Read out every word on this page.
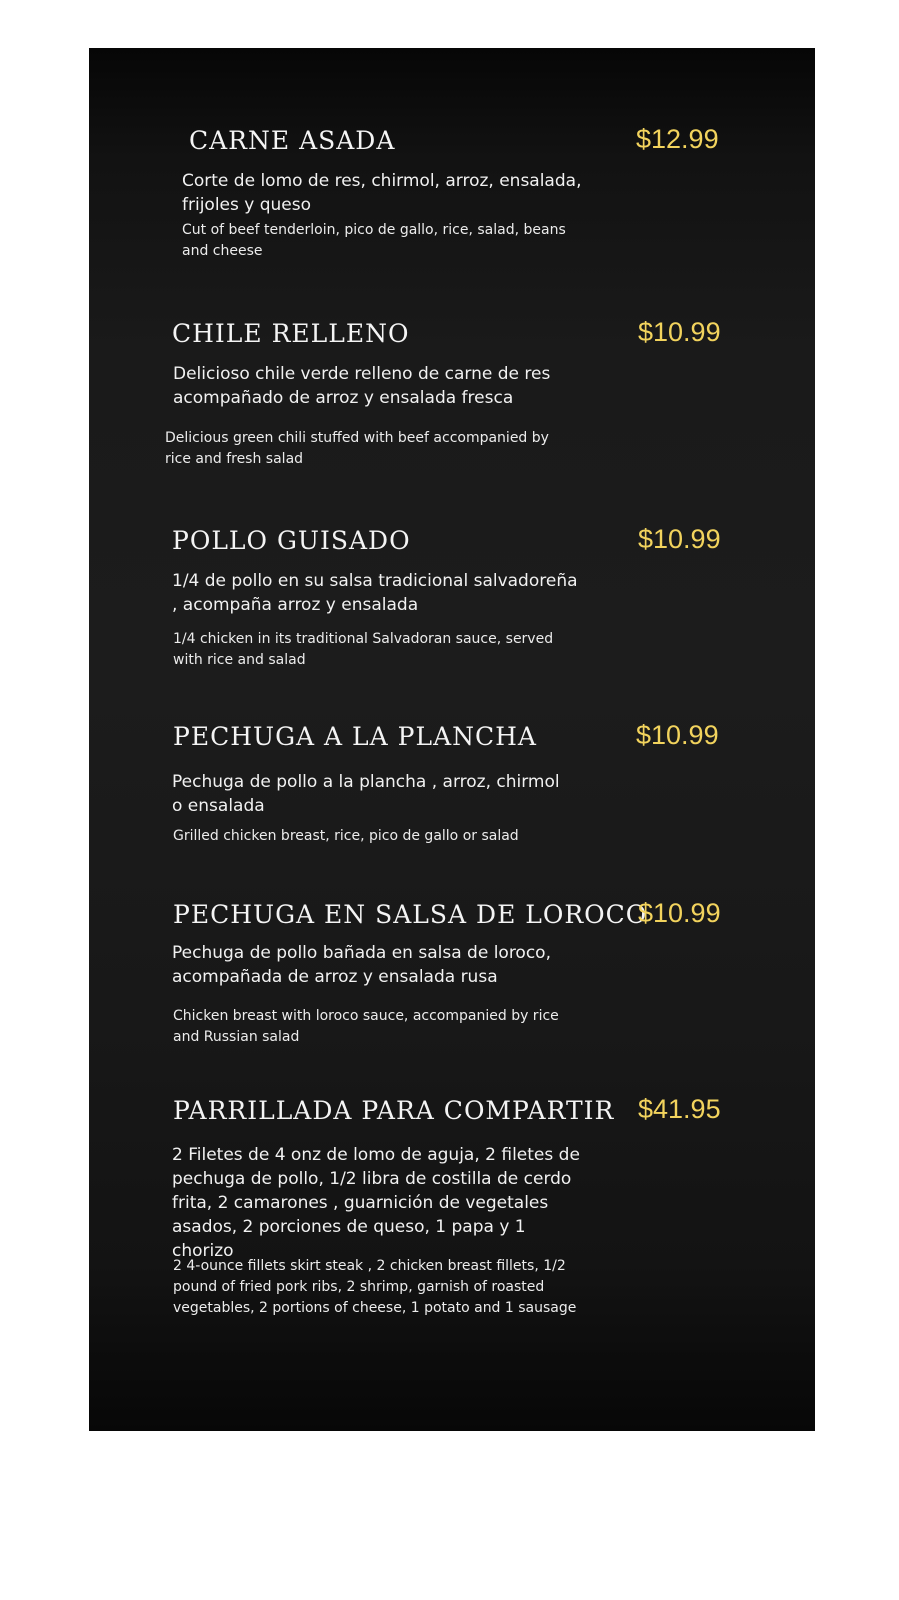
CARNE ASADA	$12.99

Corte de lomo de res, chirmol, arroz, ensalada, frijoles y queso

Cut of beef tenderloin, pico de gallo, rice, salad, beans and cheese

CHILE RELLENO	$10.99

Delicioso chile verde relleno de carne de res acompañado de arroz y ensalada fresca

Delicious green chili stuffed with beef accompanied by rice and fresh salad

POLLO GUISADO	$10.99

1/4 de pollo en su salsa tradicional salvadoreña , acompaña arroz y ensalada

1/4 chicken in its traditional Salvadoran sauce, served with rice and salad

PECHUGA A LA PLANCHA	$10.99

Pechuga de pollo a la plancha , arroz, chirmol o ensalada

Grilled chicken breast, rice, pico de gallo or salad

PECHUGA EN SALSA DE LOROCO
$10.99

Pechuga de pollo bañada en salsa de loroco, acompañada de arroz y ensalada rusa

Chicken breast with loroco sauce, accompanied by rice and Russian salad

PARRILLADA PARA COMPARTIR $41.95

2 Filetes de 4 onz de lomo de aguja, 2 filetes de pechuga de pollo, 1/2 libra de costilla de cerdo frita, 2 camarones , guarnición de vegetales asados, 2 porciones de queso, 1 papa y 1 chorizo

2 4-ounce fillets skirt steak , 2 chicken breast fillets, 1/2 pound of fried pork ribs, 2 shrimp, garnish of roasted vegetables, 2 portions of cheese, 1 potato and 1 sausage
